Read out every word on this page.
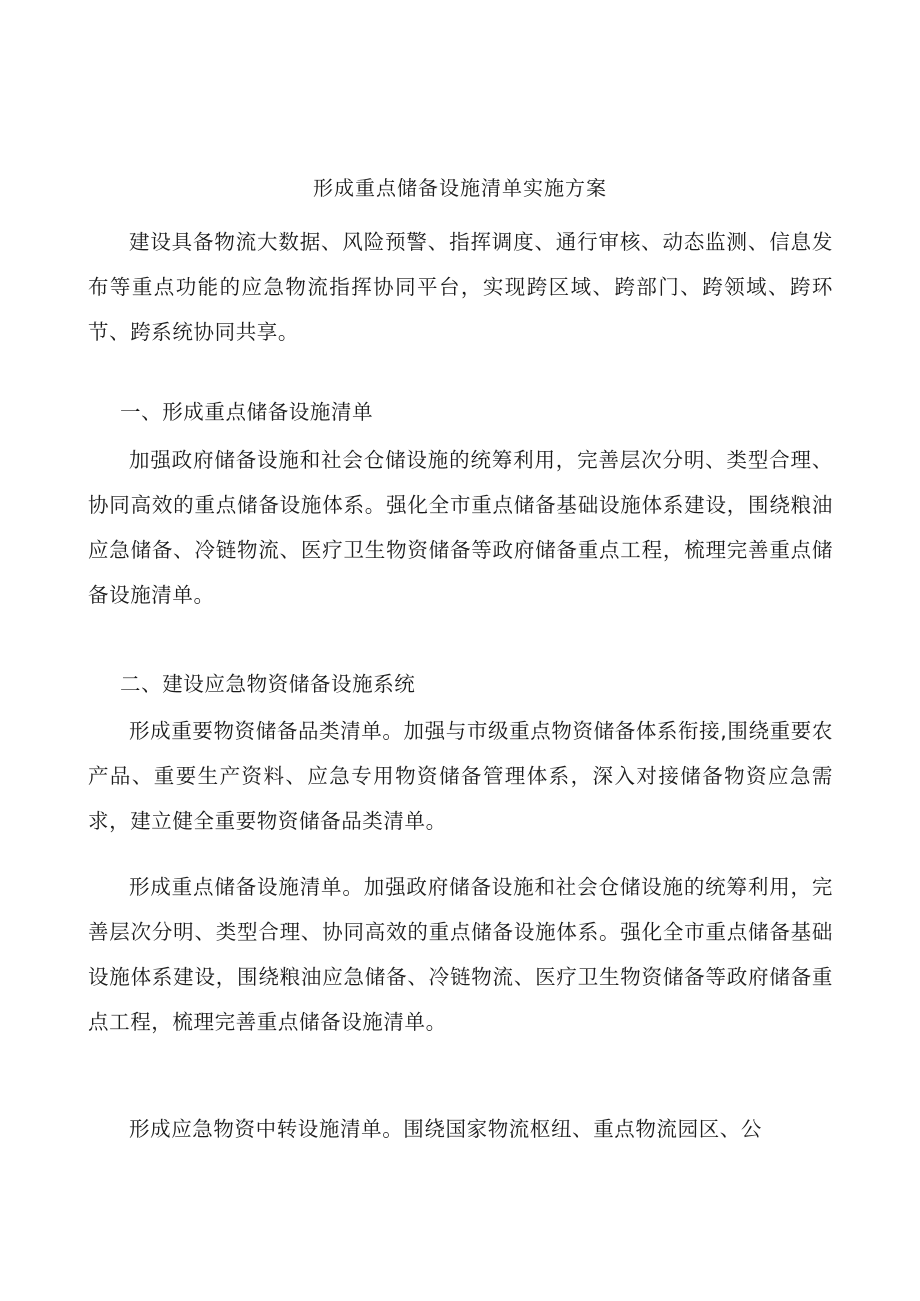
形成重点储备设施清单实施方案

建设具备物流大数据、风险预警、指挥调度、通行审核、动态监测、信息发布等重点功能的应急物流指挥协同平台，实现跨区域、跨部门、跨领域、跨环节、跨系统协同共享。

一、形成重点储备设施清单

加强政府储备设施和社会仓储设施的统筹利用，完善层次分明、类型合理、协同高效的重点储备设施体系。强化全市重点储备基础设施体系建设，围绕粮油应急储备、冷链物流、医疗卫生物资储备等政府储备重点工程，梳理完善重点储备设施清单。

二、建设应急物资储备设施系统

形成重要物资储备品类清单。加强与市级重点物资储备体系衔接,围绕重要农产品、重要生产资料、应急专用物资储备管理体系，深入对接储备物资应急需求，建立健全重要物资储备品类清单。

形成重点储备设施清单。加强政府储备设施和社会仓储设施的统筹利用，完善层次分明、类型合理、协同高效的重点储备设施体系。强化全市重点储备基础设施体系建设，围绕粮油应急储备、冷链物流、医疗卫生物资储备等政府储备重点工程，梳理完善重点储备设施清单。

形成应急物资中转设施清单。围绕国家物流枢纽、重点物流园区、公
